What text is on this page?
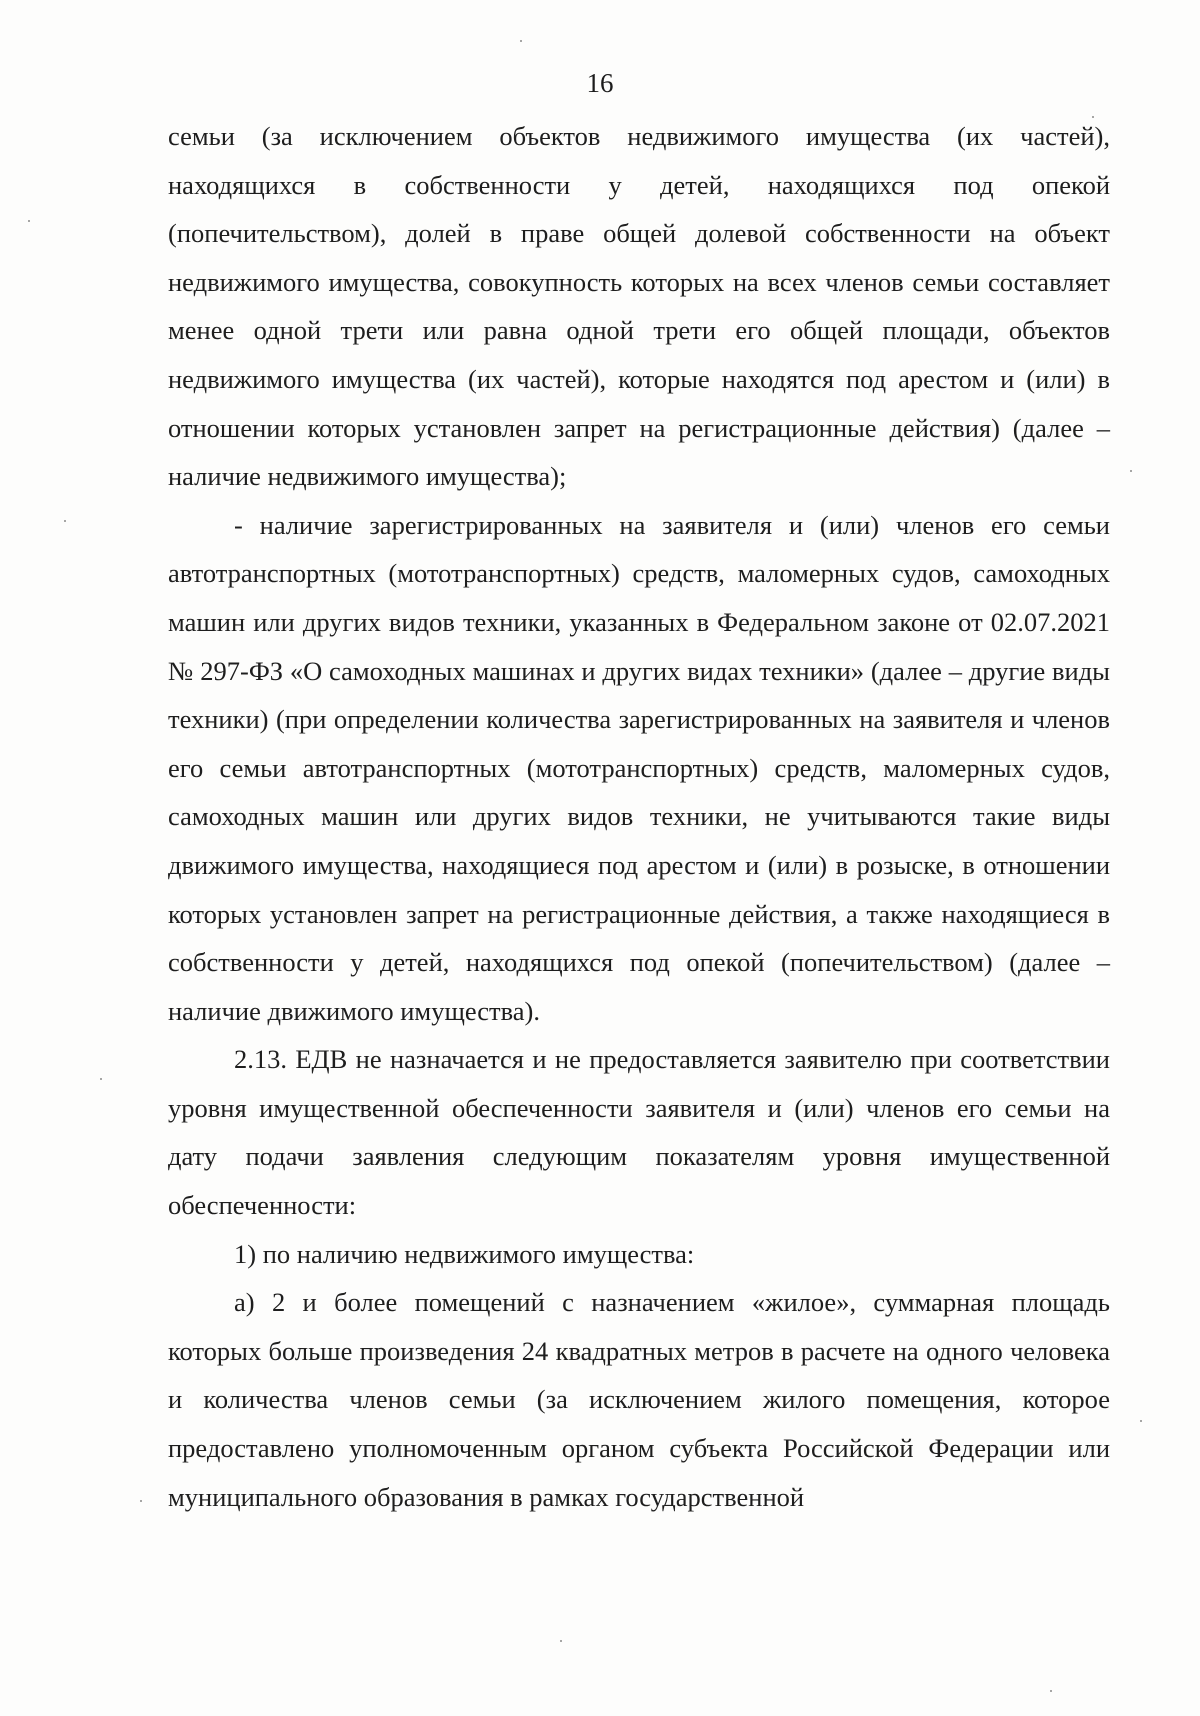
16

семьи (за исключением объектов недвижимого имущества (их частей), находящихся в собственности у детей, находящихся под опекой (попечительством), долей в праве общей долевой собственности на объект недвижимого имущества, совокупность которых на всех членов семьи составляет менее одной трети или равна одной трети его общей площади, объектов недвижимого имущества (их частей), которые находятся под арестом и (или) в отношении которых установлен запрет на регистрационные действия) (далее – наличие недвижимого имущества);

- наличие зарегистрированных на заявителя и (или) членов его семьи автотранспортных (мототранспортных) средств, маломерных судов, самоходных машин или других видов техники, указанных в Федеральном законе от 02.07.2021 № 297-ФЗ «О самоходных машинах и других видах техники» (далее – другие виды техники) (при определении количества зарегистрированных на заявителя и членов его семьи автотранспортных (мототранспортных) средств, маломерных судов, самоходных машин или других видов техники, не учитываются такие виды движимого имущества, находящиеся под арестом и (или) в розыске, в отношении которых установлен запрет на регистрационные действия, а также находящиеся в собственности у детей, находящихся под опекой (попечительством) (далее – наличие движимого имущества).

2.13. ЕДВ не назначается и не предоставляется заявителю при соответствии уровня имущественной обеспеченности заявителя и (или) членов его семьи на дату подачи заявления следующим показателям уровня имущественной обеспеченности:

1) по наличию недвижимого имущества:

а) 2 и более помещений с назначением «жилое», суммарная площадь которых больше произведения 24 квадратных метров в расчете на одного человека и количества членов семьи (за исключением жилого помещения, которое предоставлено уполномоченным органом субъекта Российской Федерации или муниципального образования в рамках государственной
